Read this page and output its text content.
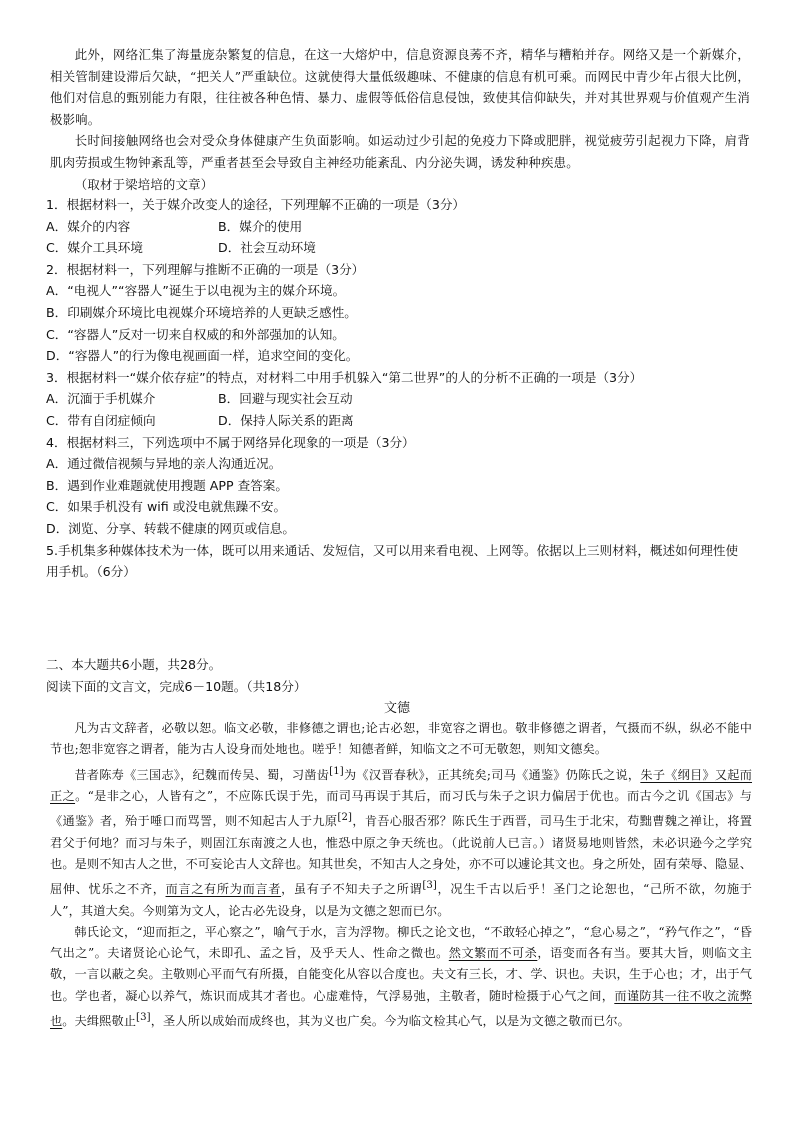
此外，网络汇集了海量庞杂繁复的信息，在这一大熔炉中，信息资源良莠不齐，精华与糟粕并存。网络又是一个新媒介，相关管制建设滞后欠缺，“把关人”严重缺位。这就使得大量低级趣味、不健康的信息有机可乘。而网民中青少年占很大比例，他们对信息的甄别能力有限，往往被各种色情、暴力、虚假等低俗信息侵蚀，致使其信仰缺失，并对其世界观与价值观产生消极影响。

长时间接触网络也会对受众身体健康产生负面影响。如运动过少引起的免疫力下降或肥胖，视觉疲劳引起视力下降，肩背肌肉劳损或生物钟紊乱等，严重者甚至会导致自主神经功能紊乱、内分泌失调，诱发种种疾患。

（取材于梁培培的文章）

1．根据材料一，关于媒介改变人的途径，下列理解不正确的一项是（3分）

A．媒介的内容	B．媒介的使用

C．媒介工具环境	D．社会互动环境

2．根据材料一，下列理解与推断不正确的一项是（3分）

A．“电视人”“容器人”诞生于以电视为主的媒介环境。

B．印刷媒介环境比电视媒介环境培养的人更缺乏感性。

C．“容器人”反对一切来自权威的和外部强加的认知。

D．“容器人”的行为像电视画面一样，追求空间的变化。

3．根据材料一“媒介依存症”的特点，对材料二中用手机躲入“第二世界”的人的分析不正确的一项是（3分）

A．沉湎于手机媒介	B．回避与现实社会互动

C．带有自闭症倾向	D．保持人际关系的距离

4．根据材料三，下列选项中不属于网络异化现象的一项是（3分）

A．通过微信视频与异地的亲人沟通近况。

B．遇到作业难题就使用搜题 APP 查答案。

C．如果手机没有 wifi 或没电就焦躁不安。

D．浏览、分享、转载不健康的网页或信息。

5.手机集多种媒体技术为一体，既可以用来通话、发短信，又可以用来看电视、上网等。依据以上三则材料，概述如何理性使用手机。（6分）

二、本大题共6小题，共28分。

阅读下面的文言文，完成6－10题。（共18分）

文德

凡为古文辞者，必敬以恕。临文必敬，非修德之谓也;论古必恕，非宽容之谓也。敬非修德之谓者，气摄而不纵，纵必不能中节也;恕非宽容之谓者，能为古人设身而处地也。嗟乎！知德者鲜，知临文之不可无敬恕，则知文德矣。

昔者陈寿《三国志》，纪魏而传吴、蜀，习凿齿[1]为《汉晋春秋》，正其统矣;司马《通鉴》仍陈氏之说，朱子《纲目》又起而正之。“是非之心，人皆有之”，不应陈氏误于先，而司马再误于其后，而习氏与朱子之识力偏居于优也。而古今之讥《国志》与《通鉴》者，殆于唾口而骂詈，则不知起古人于九原[2]，肯吾心服否邪？陈氏生于西晋，司马生于北宋，苟黜曹魏之禅让，将置君父于何地？而习与朱子，则固江东南渡之人也，惟恐中原之争天统也。（此说前人已言。）诸贤易地则皆然，未必识逊今之学究也。是则不知古人之世，不可妄论古人文辞也。知其世矣，不知古人之身处，亦不可以遽论其文也。身之所处，固有荣辱、隐显、屈伸、忧乐之不齐，而言之有所为而言者，虽有子不知夫子之所谓[3]，况生千古以后乎！圣门之论恕也，“己所不欲，勿施于人”，其道大矣。今则第为文人，论古必先设身，以是为文德之恕而已尔。

韩氏论文，“迎而拒之，平心察之”，喻气于水，言为浮物。柳氏之论文也，“不敢轻心掉之”，“怠心易之”，“矜气作之”，“昏气出之”。夫诸贤论心论气，未即孔、孟之旨，及乎天人、性命之微也。然文繁而不可杀，语变而各有当。要其大旨，则临文主敬，一言以蔽之矣。主敬则心平而气有所摄，自能变化从容以合度也。夫文有三长，才、学、识也。夫识，生于心也；才，出于气也。学也者，凝心以养气，炼识而成其才者也。心虚难恃，气浮易弛，主敬者，随时检摄于心气之间，而谨防其一往不收之流弊也。夫缉熙敬止[3]，圣人所以成始而成终也，其为义也广矣。今为临文检其心气，以是为文德之敬而已尔。
